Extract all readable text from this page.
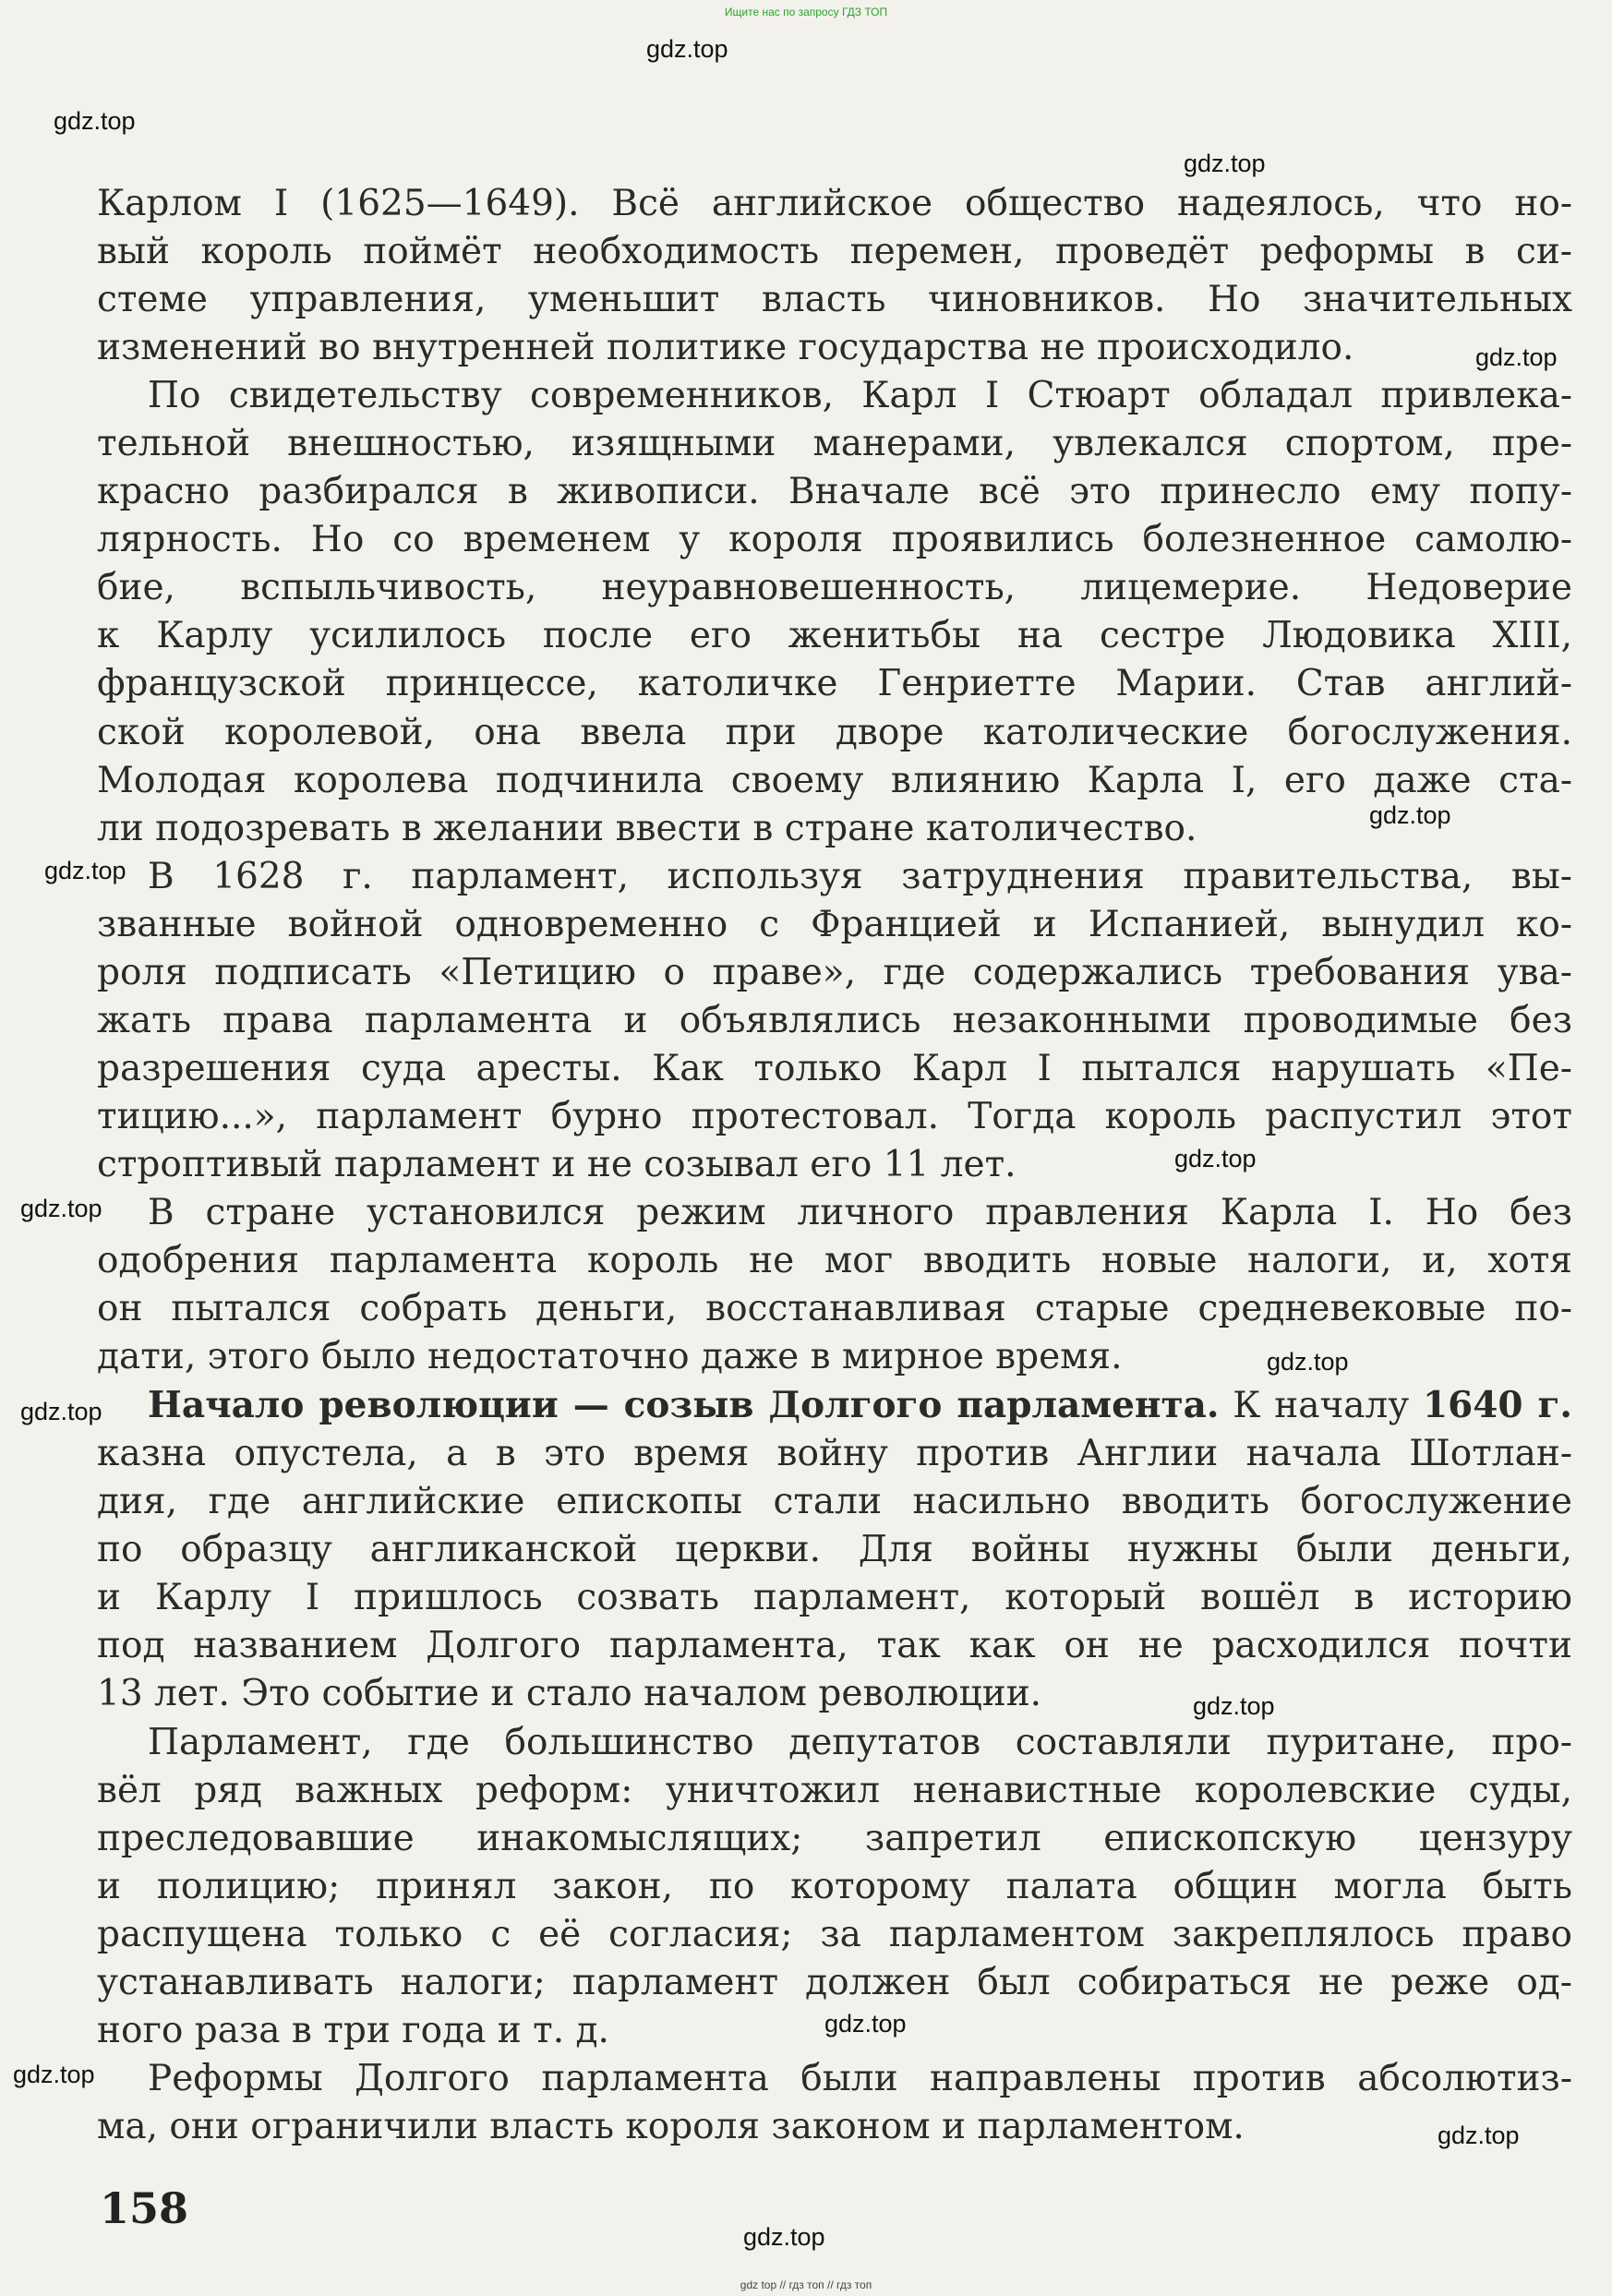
Ищите нас по запросу ГДЗ ТОП
Карлом I (1625—1649). Всё английское общество надеялось, что но-
вый король поймёт необходимость перемен, проведёт реформы в си-
стеме управления, уменьшит власть чиновников. Но значительных
изменений во внутренней политике государства не происходило.
По свидетельству современников, Карл I Стюарт обладал привлека-
тельной внешностью, изящными манерами, увлекался спортом, пре-
красно разбирался в живописи. Вначале всё это принесло ему попу-
лярность. Но со временем у короля проявились болезненное самолю-
бие, вспыльчивость, неуравновешенность, лицемерие. Недоверие
к Карлу усилилось после его женитьбы на сестре Людовика XIII,
французской принцессе, католичке Генриетте Марии. Став англий-
ской королевой, она ввела при дворе католические богослужения.
Молодая королева подчинила своему влиянию Карла I, его даже ста-
ли подозревать в желании ввести в стране католичество.
В 1628 г. парламент, используя затруднения правительства, вы-
званные войной одновременно с Францией и Испанией, вынудил ко-
роля подписать «Петицию о праве», где содержались требования ува-
жать права парламента и объявлялись незаконными проводимые без
разрешения суда аресты. Как только Карл I пытался нарушать «Пе-
тицию...», парламент бурно протестовал. Тогда король распустил этот
строптивый парламент и не созывал его 11 лет.
В стране установился режим личного правления Карла I. Но без
одобрения парламента король не мог вводить новые налоги, и, хотя
он пытался собрать деньги, восстанавливая старые средневековые по-
дати, этого было недостаточно даже в мирное время.
Начало революции — созыв Долгого парламента. К началу 1640 г.
казна опустела, а в это время войну против Англии начала Шотлан-
дия, где английские епископы стали насильно вводить богослужение
по образцу англиканской церкви. Для войны нужны были деньги,
и Карлу I пришлось созвать парламент, который вошёл в историю
под названием Долгого парламента, так как он не расходился почти
13 лет. Это событие и стало началом революции.
Парламент, где большинство депутатов составляли пуритане, про-
вёл ряд важных реформ: уничтожил ненавистные королевские суды,
преследовавшие инакомыслящих; запретил епископскую цензуру
и полицию; принял закон, по которому палата общин могла быть
распущена только с её согласия; за парламентом закреплялось право
устанавливать налоги; парламент должен был собираться не реже од-
ного раза в три года и т. д.
Реформы Долгого парламента были направлены против абсолютиз-
ма, они ограничили власть короля законом и парламентом.
158
gdz.top
gdz.top
gdz.top
gdz.top
gdz.top
gdz.top
gdz.top
gdz.top
gdz.top
gdz.top
gdz.top
gdz.top
gdz.top
gdz.top
gdz.top
gdz top // гдз топ // гдз топ
